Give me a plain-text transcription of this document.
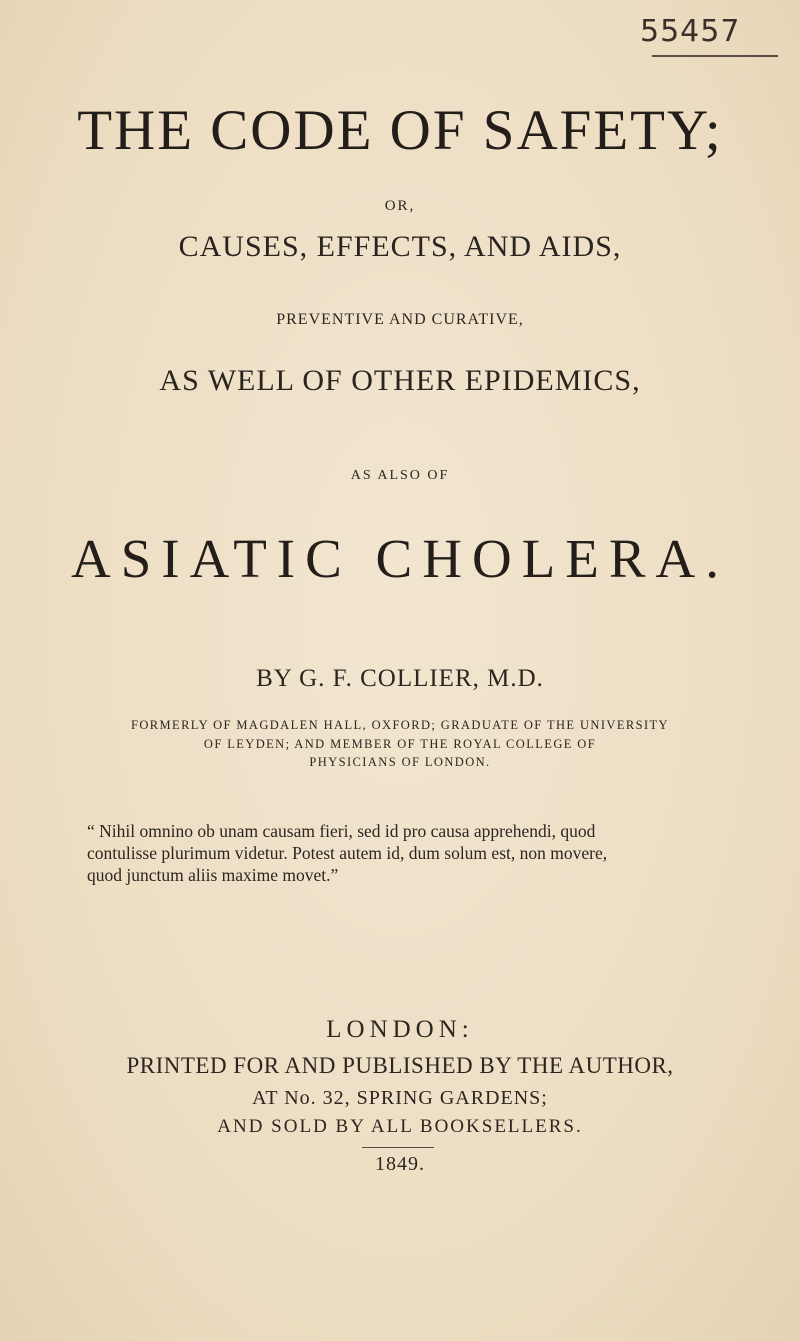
55457
THE CODE OF SAFETY;
OR,
CAUSES, EFFECTS, AND AIDS,
PREVENTIVE AND CURATIVE,
AS WELL OF OTHER EPIDEMICS,
AS ALSO OF
ASIATIC CHOLERA.
BY G. F. COLLIER, M.D.
FORMERLY OF MAGDALEN HALL, OXFORD; GRADUATE OF THE UNIVERSITY
OF LEYDEN; AND MEMBER OF THE ROYAL COLLEGE OF
PHYSICIANS OF LONDON.
“ Nihil omnino ob unam causam fieri, sed id pro causa apprehendi, quod
contulisse plurimum videtur. Potest autem id, dum solum est, non movere,
quod junctum aliis maxime movet.”
LONDON:
PRINTED FOR AND PUBLISHED BY THE AUTHOR,
AT No. 32, SPRING GARDENS;
AND SOLD BY ALL BOOKSELLERS.
1849.
